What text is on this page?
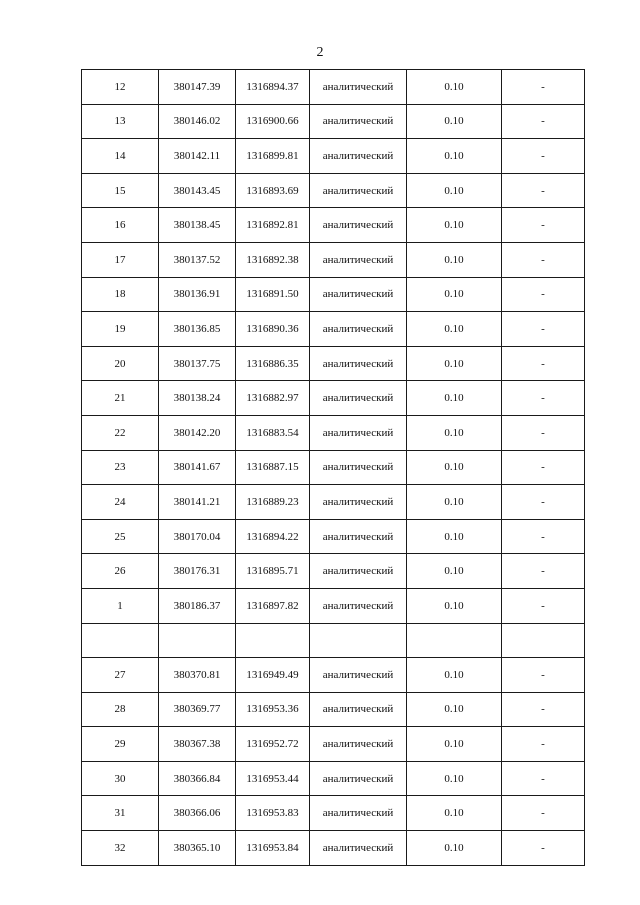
2
12	380147.39	1316894.37	аналитический	0.10	-
13	380146.02	1316900.66	аналитический	0.10	-
14	380142.11	1316899.81	аналитический	0.10	-
15	380143.45	1316893.69	аналитический	0.10	-
16	380138.45	1316892.81	аналитический	0.10	-
17	380137.52	1316892.38	аналитический	0.10	-
18	380136.91	1316891.50	аналитический	0.10	-
19	380136.85	1316890.36	аналитический	0.10	-
20	380137.75	1316886.35	аналитический	0.10	-
21	380138.24	1316882.97	аналитический	0.10	-
22	380142.20	1316883.54	аналитический	0.10	-
23	380141.67	1316887.15	аналитический	0.10	-
24	380141.21	1316889.23	аналитический	0.10	-
25	380170.04	1316894.22	аналитический	0.10	-
26	380176.31	1316895.71	аналитический	0.10	-
1	380186.37	1316897.82	аналитический	0.10	-

27	380370.81	1316949.49	аналитический	0.10	-
28	380369.77	1316953.36	аналитический	0.10	-
29	380367.38	1316952.72	аналитический	0.10	-
30	380366.84	1316953.44	аналитический	0.10	-
31	380366.06	1316953.83	аналитический	0.10	-
32	380365.10	1316953.84	аналитический	0.10	-
